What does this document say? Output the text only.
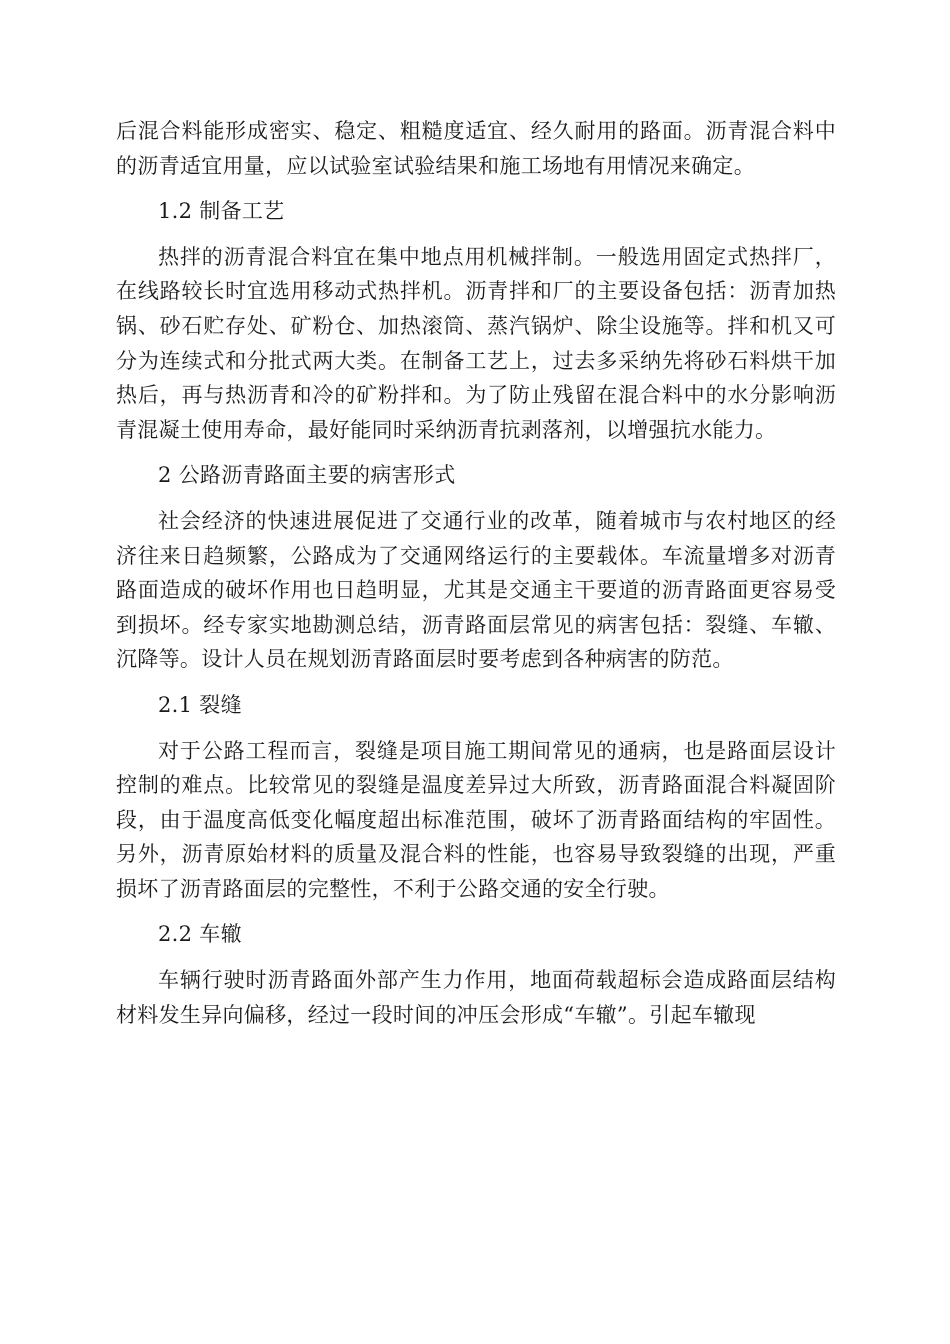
后混合料能形成密实、稳定、粗糙度适宜、经久耐用的路面。沥青混合料中的沥青适宜用量，应以试验室试验结果和施工场地有用情况来确定。

1.2 制备工艺

热拌的沥青混合料宜在集中地点用机械拌制。一般选用固定式热拌厂，在线路较长时宜选用移动式热拌机。沥青拌和厂的主要设备包括：沥青加热锅、砂石贮存处、矿粉仓、加热滚筒、蒸汽锅炉、除尘设施等。拌和机又可分为连续式和分批式两大类。在制备工艺上，过去多采纳先将砂石料烘干加热后，再与热沥青和冷的矿粉拌和。为了防止残留在混合料中的水分影响沥青混凝土使用寿命，最好能同时采纳沥青抗剥落剂，以增强抗水能力。

2 公路沥青路面主要的病害形式

社会经济的快速进展促进了交通行业的改革，随着城市与农村地区的经济往来日趋频繁，公路成为了交通网络运行的主要载体。车流量增多对沥青路面造成的破坏作用也日趋明显，尤其是交通主干要道的沥青路面更容易受到损坏。经专家实地勘测总结，沥青路面层常见的病害包括：裂缝、车辙、沉降等。设计人员在规划沥青路面层时要考虑到各种病害的防范。

2.1 裂缝

对于公路工程而言，裂缝是项目施工期间常见的通病，也是路面层设计控制的难点。比较常见的裂缝是温度差异过大所致，沥青路面混合料凝固阶段，由于温度高低变化幅度超出标准范围，破坏了沥青路面结构的牢固性。另外，沥青原始材料的质量及混合料的性能，也容易导致裂缝的出现，严重损坏了沥青路面层的完整性，不利于公路交通的安全行驶。

2.2 车辙

车辆行驶时沥青路面外部产生力作用，地面荷载超标会造成路面层结构材料发生异向偏移，经过一段时间的冲压会形成“车辙”。引起车辙现
